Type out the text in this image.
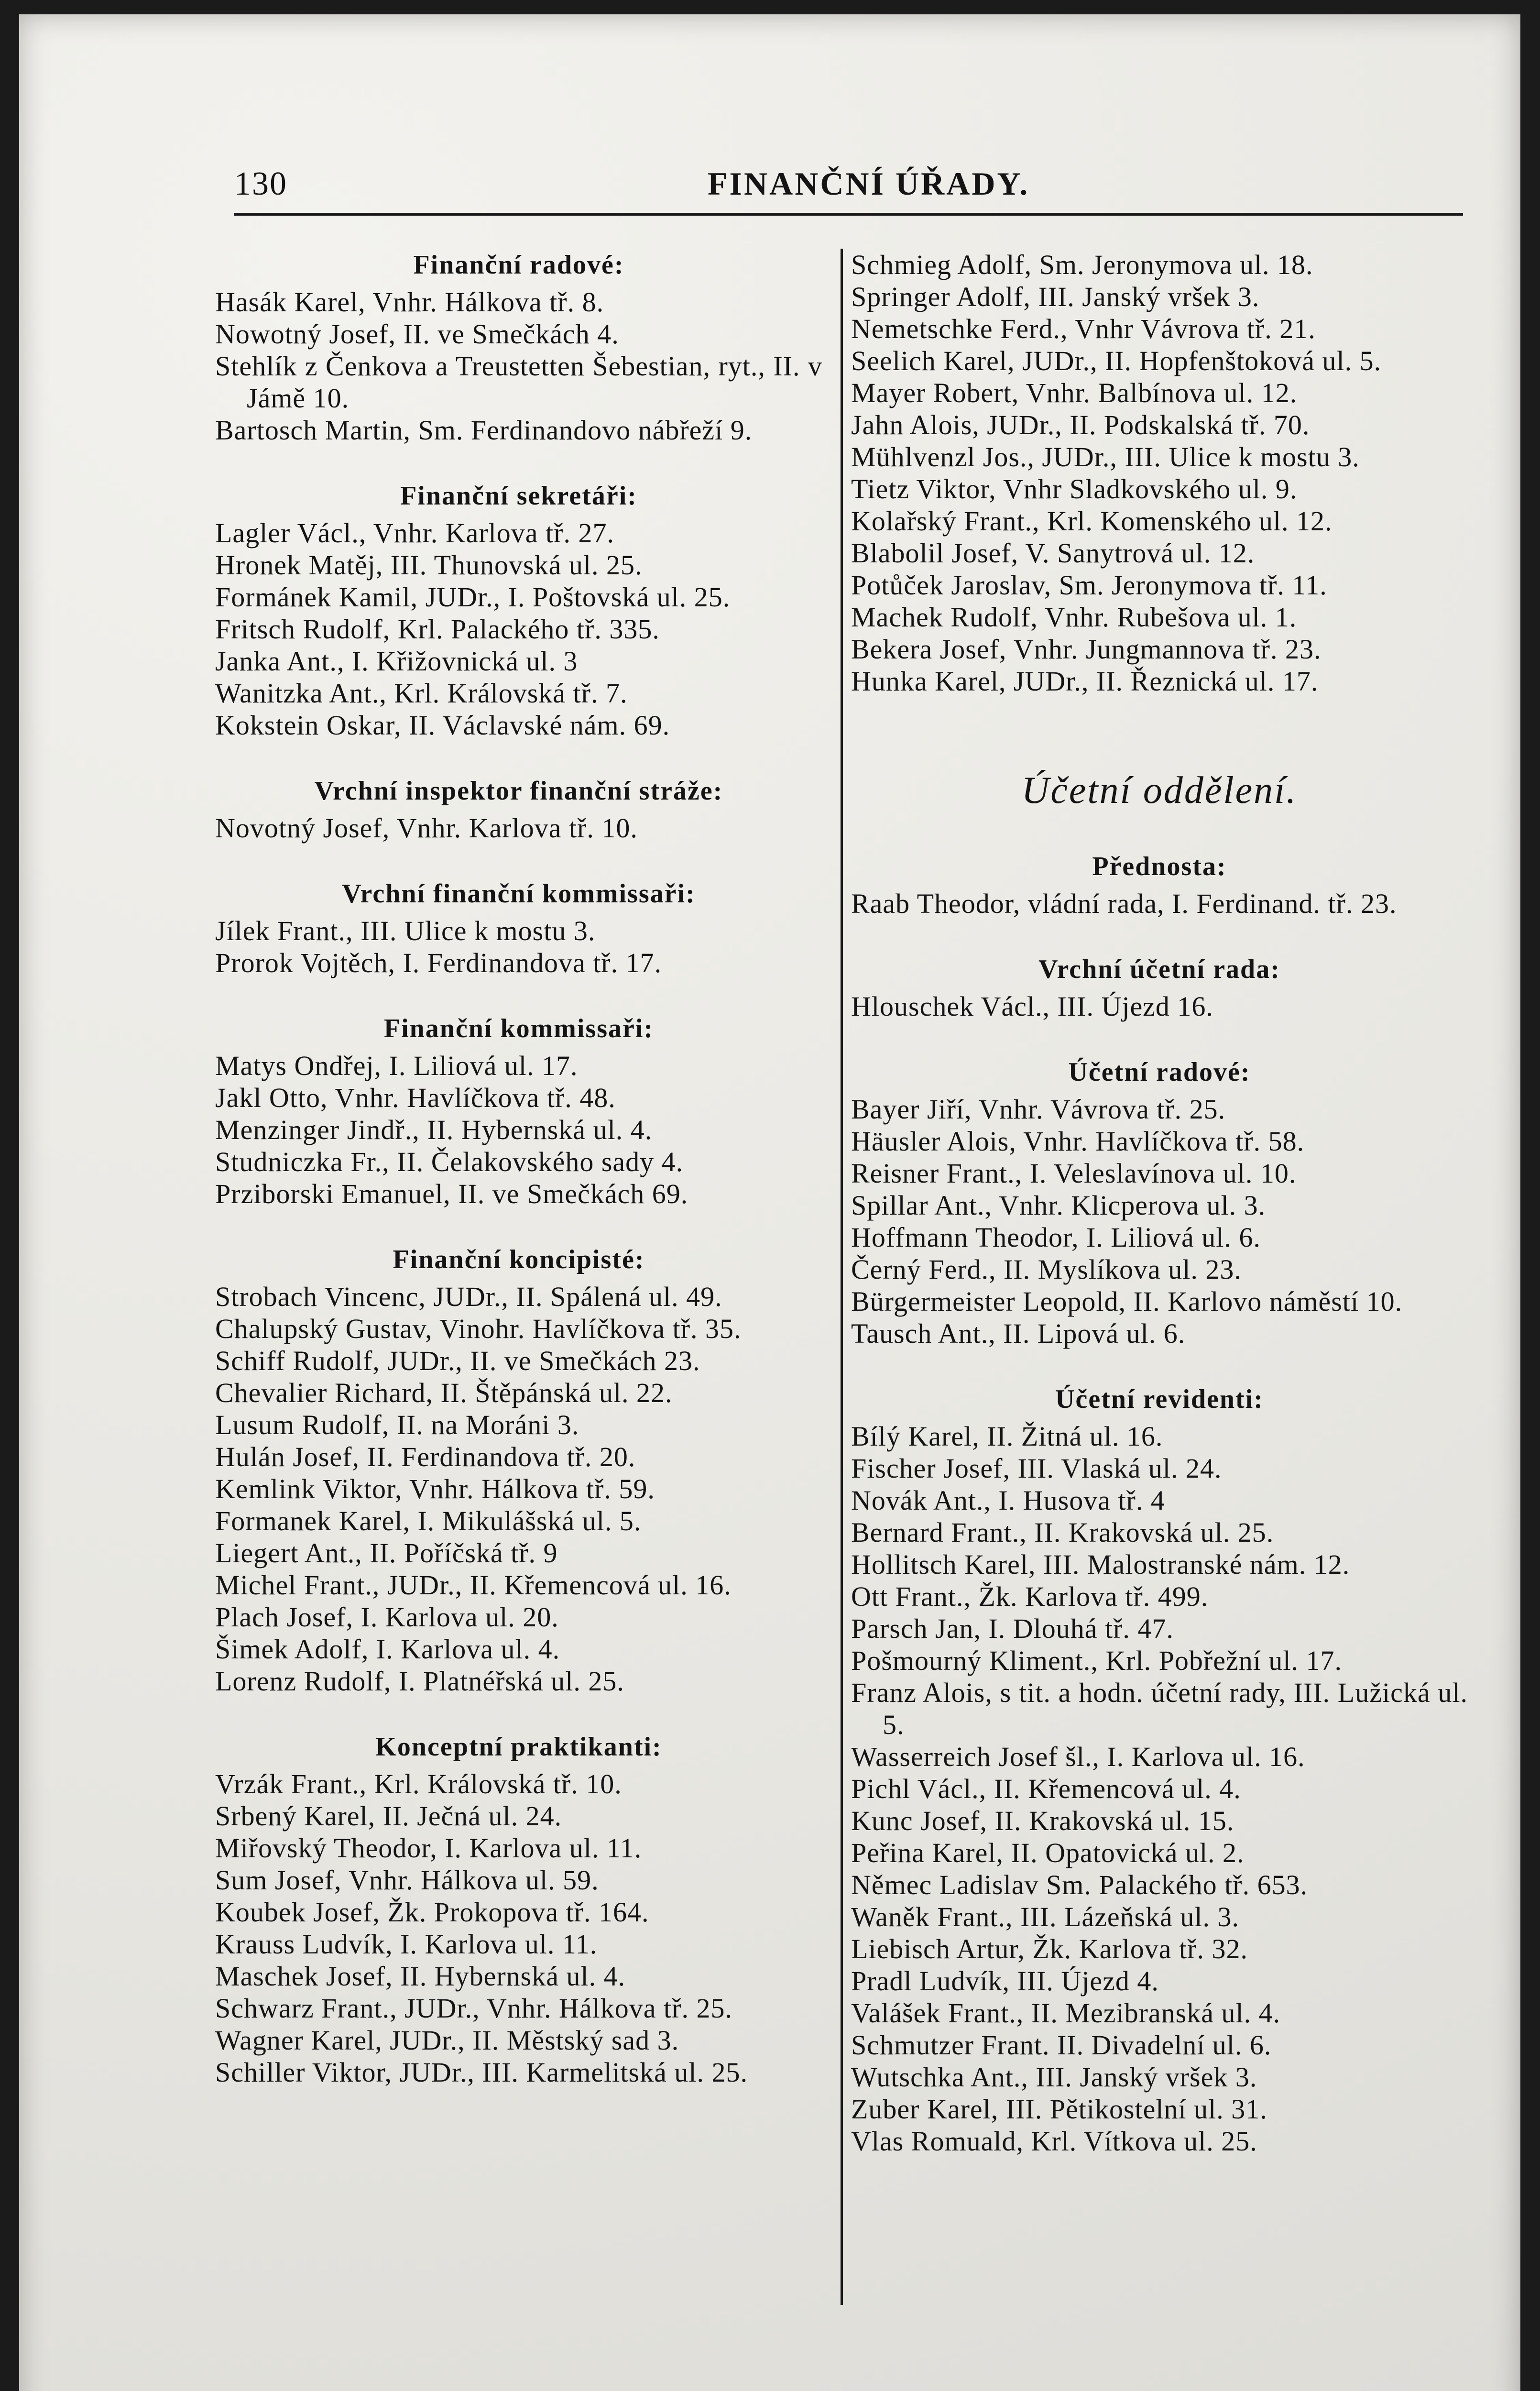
130	FINANČNÍ ÚŘADY.
Finanční radové:

Hasák Karel, Vnhr. Hálkova tř. 8.

Nowotný Josef, II. ve Smečkách 4.

Stehlík z Čenkova a Treustetten Šebestian, ryt., II. v Jámě 10.

Bartosch Martin, Sm. Ferdinandovo nábřeží 9.

Finanční sekretáři:

Lagler Václ., Vnhr. Karlova tř. 27.

Hronek Matěj, III. Thunovská ul. 25.

Formánek Kamil, JUDr., I. Poštovská ul. 25.

Fritsch Rudolf, Krl. Palackého tř. 335.

Janka Ant., I. Křižovnická ul. 3

Wanitzka Ant., Krl. Královská tř. 7.

Kokstein Oskar, II. Václavské nám. 69.

Vrchní inspektor finanční stráže:

Novotný Josef, Vnhr. Karlova tř. 10.

Vrchní finanční kommissaři:

Jílek Frant., III. Ulice k mostu 3.

Prorok Vojtěch, I. Ferdinandova tř. 17.

Finanční kommissaři:

Matys Ondřej, I. Liliová ul. 17.

Jakl Otto, Vnhr. Havlíčkova tř. 48.

Menzinger Jindř., II. Hybernská ul. 4.

Studniczka Fr., II. Čelakovského sady 4.

Prziborski Emanuel, II. ve Smečkách 69.

Finanční koncipisté:

Strobach Vincenc, JUDr., II. Spálená ul. 49.

Chalupský Gustav, Vinohr. Havlíčkova tř. 35.

Schiff Rudolf, JUDr., II. ve Smečkách 23.

Chevalier Richard, II. Štěpánská ul. 22.

Lusum Rudolf, II. na Moráni 3.

Hulán Josef, II. Ferdinandova tř. 20.

Kemlink Viktor, Vnhr. Hálkova tř. 59.

Formanek Karel, I. Mikulášská ul. 5.

Liegert Ant., II. Poříčská tř. 9

Michel Frant., JUDr., II. Křemencová ul. 16.

Plach Josef, I. Karlova ul. 20.

Šimek Adolf, I. Karlova ul. 4.

Lorenz Rudolf, I. Platnéřská ul. 25.

Konceptní praktikanti:

Vrzák Frant., Krl. Královská tř. 10.

Srbený Karel, II. Ječná ul. 24.

Miřovský Theodor, I. Karlova ul. 11.

Sum Josef, Vnhr. Hálkova ul. 59.

Koubek Josef, Žk. Prokopova tř. 164.

Krauss Ludvík, I. Karlova ul. 11.

Maschek Josef, II. Hybernská ul. 4.

Schwarz Frant., JUDr., Vnhr. Hálkova tř. 25.

Wagner Karel, JUDr., II. Městský sad 3.

Schiller Viktor, JUDr., III. Karmelitská ul. 25.

Schmieg Adolf, Sm. Jeronymova ul. 18.

Springer Adolf, III. Janský vršek 3.

Nemetschke Ferd., Vnhr Vávrova tř. 21.

Seelich Karel, JUDr., II. Hopfenštoková ul. 5.

Mayer Robert, Vnhr. Balbínova ul. 12.

Jahn Alois, JUDr., II. Podskalská tř. 70.

Mühlvenzl Jos., JUDr., III. Ulice k mostu 3.

Tietz Viktor, Vnhr Sladkovského ul. 9.

Kolařský Frant., Krl. Komenského ul. 12.

Blabolil Josef, V. Sanytrová ul. 12.

Potůček Jaroslav, Sm. Jeronymova tř. 11.

Machek Rudolf, Vnhr. Rubešova ul. 1.

Bekera Josef, Vnhr. Jungmannova tř. 23.

Hunka Karel, JUDr., II. Řeznická ul. 17.

Účetní oddělení.
Přednosta:

Raab Theodor, vládní rada, I. Ferdinand. tř. 23.

Vrchní účetní rada:

Hlouschek Václ., III. Újezd 16.

Účetní radové:

Bayer Jiří, Vnhr. Vávrova tř. 25.

Häusler Alois, Vnhr. Havlíčkova tř. 58.

Reisner Frant., I. Veleslavínova ul. 10.

Spillar Ant., Vnhr. Klicperova ul. 3.

Hoffmann Theodor, I. Liliová ul. 6.

Černý Ferd., II. Myslíkova ul. 23.

Bürgermeister Leopold, II. Karlovo náměstí 10.

Tausch Ant., II. Lipová ul. 6.

Účetní revidenti:

Bílý Karel, II. Žitná ul. 16.

Fischer Josef, III. Vlaská ul. 24.

Novák Ant., I. Husova tř. 4

Bernard Frant., II. Krakovská ul. 25.

Hollitsch Karel, III. Malostranské nám. 12.

Ott Frant., Žk. Karlova tř. 499.

Parsch Jan, I. Dlouhá tř. 47.

Pošmourný Kliment., Krl. Pobřežní ul. 17.

Franz Alois, s tit. a hodn. účetní rady, III. Lužická ul. 5.

Wasserreich Josef šl., I. Karlova ul. 16.

Pichl Václ., II. Křemencová ul. 4.

Kunc Josef, II. Krakovská ul. 15.

Peřina Karel, II. Opatovická ul. 2.

Němec Ladislav Sm. Palackého tř. 653.

Waněk Frant., III. Lázeňská ul. 3.

Liebisch Artur, Žk. Karlova tř. 32.

Pradl Ludvík, III. Újezd 4.

Valášek Frant., II. Mezibranská ul. 4.

Schmutzer Frant. II. Divadelní ul. 6.

Wutschka Ant., III. Janský vršek 3.

Zuber Karel, III. Pětikostelní ul. 31.

Vlas Romuald, Krl. Vítkova ul. 25.
